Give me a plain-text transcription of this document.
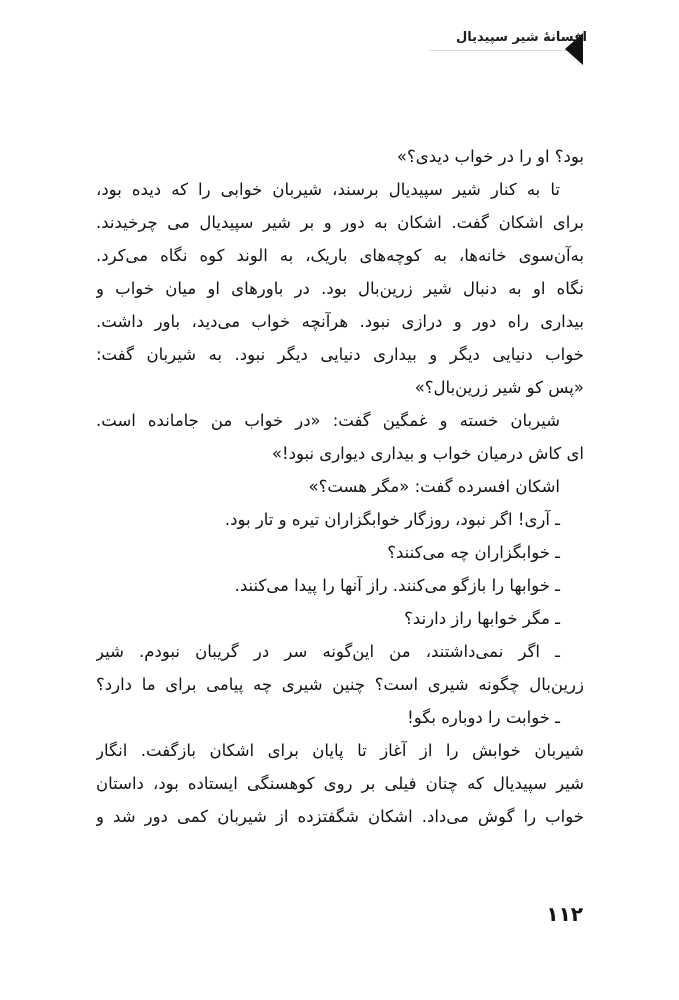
افسانهٔ شیر سپیدیال
بود؟ او را در خواب دیدی؟»
تا به کنار شیر سپیدیال برسند، شیربان خوابی را که دیده بود،
برای اشکان گفت. اشکان به دور و بر شیر سپیدیال می چرخیدند.
به‌آن‌سوی خانه‌ها، به کوچه‌های باریک، به الوند کوه نگاه می‌کرد.
نگاه او به دنبال شیر زرین‌بال بود. در باورهای او میان خواب و
بیداری راه دور و درازی نبود. هرآنچه خواب می‌دید، باور داشت.
خواب دنیایی دیگر و بیداری دنیایی دیگر نبود. به شیربان گفت:
«پس کو شیر زرین‌بال؟»
شیربان خسته و غمگین گفت: «در خواب من جامانده است.
ای کاش درمیان خواب و بیداری دیواری نبود!»
اشکان افسرده گفت: «مگر هست؟»
ـ آری! اگر نبود، روزگار خوابگزاران تیره و تار بود.
ـ خوابگزاران چه می‌کنند؟
ـ خوابها را بازگو می‌کنند. راز آنها را پیدا می‌کنند.
ـ مگر خوابها راز دارند؟
ـ اگر نمی‌داشتند، من این‌گونه سر در گریبان نبودم. شیر
زرین‌بال چگونه شیری است؟ چنین شیری چه پیامی برای ما دارد؟
ـ خوابت را دوباره بگو!
شیربان خوابش را از آغاز تا پایان برای اشکان بازگفت. انگار
شیر سپیدیال که چنان فیلی بر روی کوهسنگی ایستاده بود، داستان
خواب را گوش می‌داد. اشکان شگفتزده از شیربان کمی دور شد و
۱۱۲
